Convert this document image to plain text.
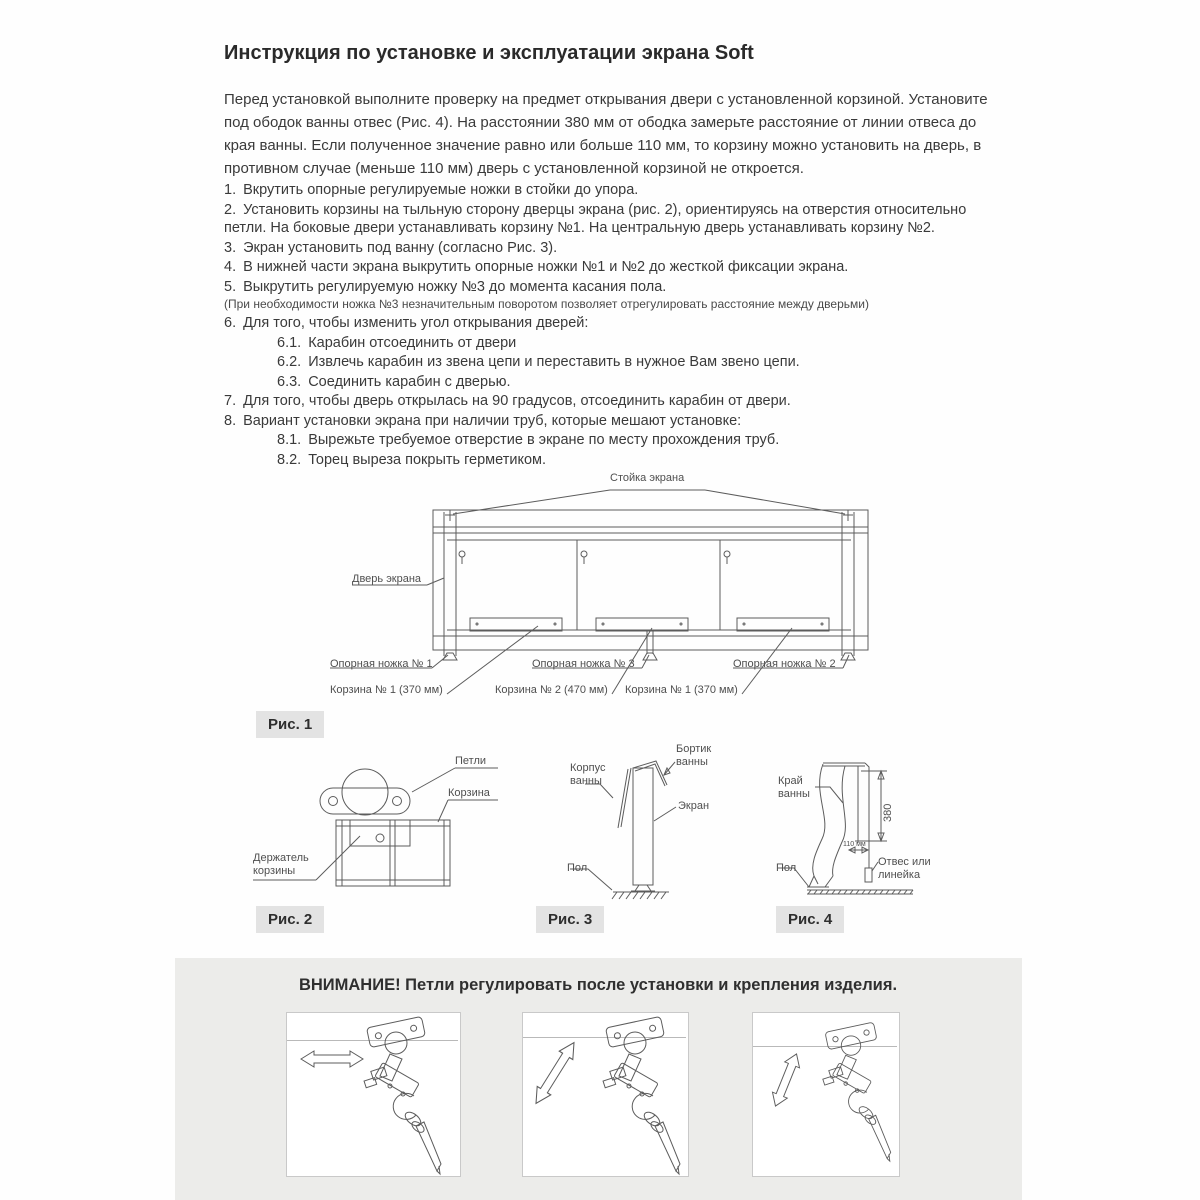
Инструкция по установке и эксплуатации экрана Soft
Перед установкой выполните проверку на предмет открывания двери с установленной корзиной. Установите под ободок ванны отвес (Рис. 4). На расстоянии 380 мм от ободка замерьте расстояние от линии отвеса до края ванны. Если полученное значение равно или больше 110 мм, то корзину можно установить на дверь, в противном случае (меньше 110 мм) дверь с установленной корзиной не откроется.
1. Вкрутить опорные регулируемые ножки в стойки до упора.
2. Установить корзины на тыльную сторону дверцы экрана (рис. 2), ориентируясь на отверстия относительно петли. На боковые двери устанавливать корзину №1. На центральную дверь устанавливать корзину №2.
3. Экран установить под ванну (согласно Рис. 3).
4. В нижней части экрана выкрутить опорные ножки №1 и №2 до жесткой фиксации экрана.
5. Выкрутить регулируемую ножку №3 до момента касания пола.
(При необходимости ножка №3 незначительным поворотом позволяет отрегулировать расстояние между дверьми)
6. Для того, чтобы изменить угол открывания дверей:
6.1. Карабин отсоединить от двери
6.2. Извлечь карабин из звена цепи и переставить в нужное Вам звено цепи.
6.3. Соединить карабин с дверью.
7. Для того, чтобы дверь открылась на 90 градусов, отсоединить карабин от двери.
8. Вариант установки экрана при наличии труб, которые мешают установке:
8.1. Вырежьте требуемое отверстие в экране по месту прохождения труб.
8.2. Торец выреза покрыть герметиком.
Стойка экрана
Дверь экрана
Опорная ножка № 1	Опорная ножка № 3	Опорная ножка № 2
Корзина № 1 (370 мм)	Корзина № 2 (470 мм) Корзина № 1 (370 мм)
Рис. 1
Петли
Корзина
Держатель корзины
Рис. 2
Корпус ванны
Бортик ванны
Экран
Пол
Рис. 3
Край ванны
380
110 мм
Отвес или линейка
Пол
Рис. 4
ВНИМАНИЕ! Петли регулировать после установки и крепления изделия.
